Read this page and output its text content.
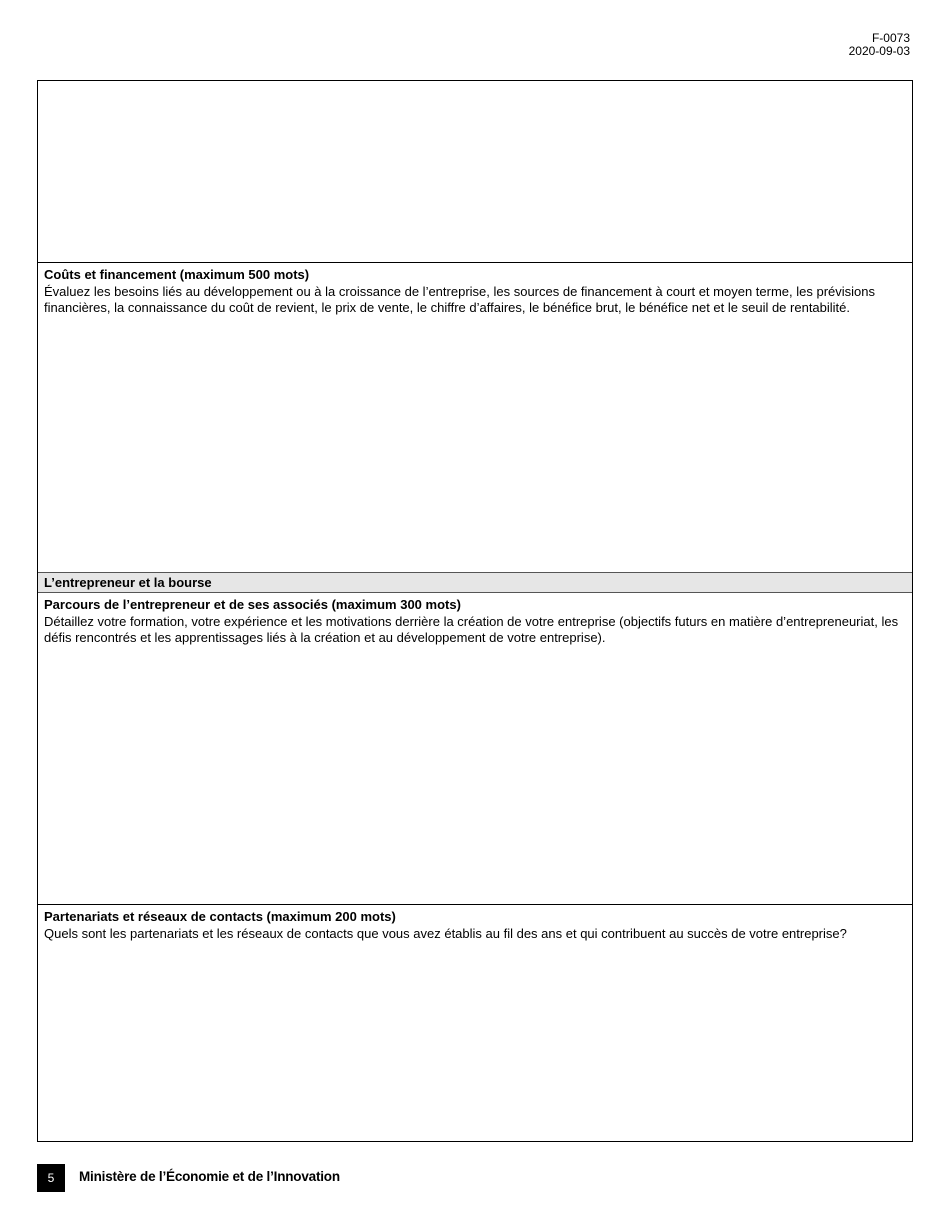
F-0073
2020-09-03
Coûts et financement (maximum 500 mots)
Évaluez les besoins liés au développement ou à la croissance de l’entreprise, les sources de financement à court et moyen terme, les prévisions financières, la connaissance du coût de revient, le prix de vente, le chiffre d’affaires, le bénéfice brut, le bénéfice net et le seuil de rentabilité.
L’entrepreneur et la bourse
Parcours de l’entrepreneur et de ses associés (maximum 300 mots)
Détaillez votre formation, votre expérience et les motivations derrière la création de votre entreprise (objectifs futurs en matière d’entrepreneuriat, les défis rencontrés et les apprentissages liés à la création et au développement de votre entreprise).
Partenariats et réseaux de contacts (maximum 200 mots)
Quels sont les partenariats et les réseaux de contacts que vous avez établis au fil des ans et qui contribuent au succès de votre entreprise?
5	Ministère de l’Économie et de l’Innovation
